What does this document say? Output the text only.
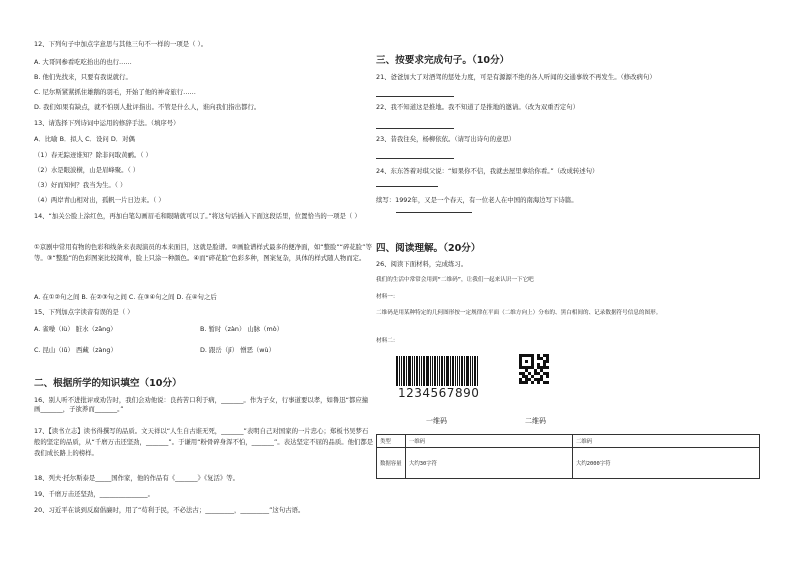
12、下列句子中加点字意思与其他三句不一样的一项是（ ）。
A. 大哥同参看吃吃抬出的也行……
B. 他们先找来，只要有我说就行。
C. 尼尔斯紧紧抓住雄鹅的羽毛，开始了他的神奇旅行……
D. 我们如果有缺点，就不怕别人批评指出。不管是什么人，谁向我们指出都行。
13、请选择下列诗词中运用的修辞手法。（填序号）
A．比喻 B．拟人 C．设问 D．对偶
（1）春无踪迹谁知？除非问取黄鹂。（ ）
（2）水是眼波横，山是眉峰聚。（ ）
（3）好而知何？我当为生。（ ）
（4）两岸青山相对出，孤帆一片日边来。（ ）
14、“加关公脸上涂红色，再加白笔勾画眉毛和眼睛就可以了。”将这句话插入下面这段话里，位置恰当的一项是（ ）
①京剧中常用有物的色彩和线条来表现演员的本来面目，这就是脸谱。②画脸谱样式最多的便净面，如“整脸”“碎花脸”等等。③“整脸”的色彩图案比较简单，脸上只涂一种颜色。④而“碎花脸”色彩多种，图案复杂，具体的样式随人物而定。
A. 在①②句之间 B. 在②③句之间 C. 在③④句之间 D. 在④句之后
15、下列加点字读音有误的是（ ）
A. 雀噪（lù） 脏水（zāng）	B. 暂时（zàn） 山脉（mò）
C. 昆山（lǔ） 西藏（zàng）	D. 跟岳（jī） 憎恶（wù）
二、根据所学的知识填空（10分）
16、别人听不进批评或劝告时，我们会劝他说：良药苦口利于病，_______。作为子女，行事道要以孝，如鲁迅“都应撞画_______，子欲养而_______。”
17、【读书立志】读书得撰写的品质。文天祥以“人生自古谁无死，_______”表明自己对国家的一片忠心；郑板书吴梦石般的坚定的品质，从“千磨万击还坚劲，_______”。于谦用“粉骨碎身浑不怕，_______”。表达坚定不屈的品质。他们都是我们成长路上的榜样。
18、列夫·托尔斯泰是_____国作家，他的作品有《_______》《复活》等。
19、千磨万击还坚劲，_______________。
20、习近平在谈到反腐倡廉时，用了“苟利于民，不必法古；_________，_________”这句古语。
三、按要求完成句子。（10分）
21、爸爸加大了对酒驾的惩处力度，可是有源源不绝的各人听闻的交通事故不再发生。（修改病句）
22、我不知道这是推地。我不知道了是推地的邀请。（改为双重否定句）
23、昔我往矣，杨柳依依。（请写出诗句的意思）
24、东东答着对琪父说：“如果你不信，我就去屋里拿给你看。”（改成转述句）
续写：1992年，又是一个春天，有一位老人在中国的南海边写下诗篇。
四、阅读理解。（20分）
26、阅读下面材料，完成练习。
我们的生活中常常会用到“二维码”，让我们一起来认识一下它吧
材料一：
二维码是用某种特定的几何图形按一定规律在平面（二维方向上）分布的、黑白相间的、记录数据符号信息的图形。
材料二：
1234567890
一维码	二维码
类型	一维码	二维码
数据容量	大约30字符	大约2000字符
